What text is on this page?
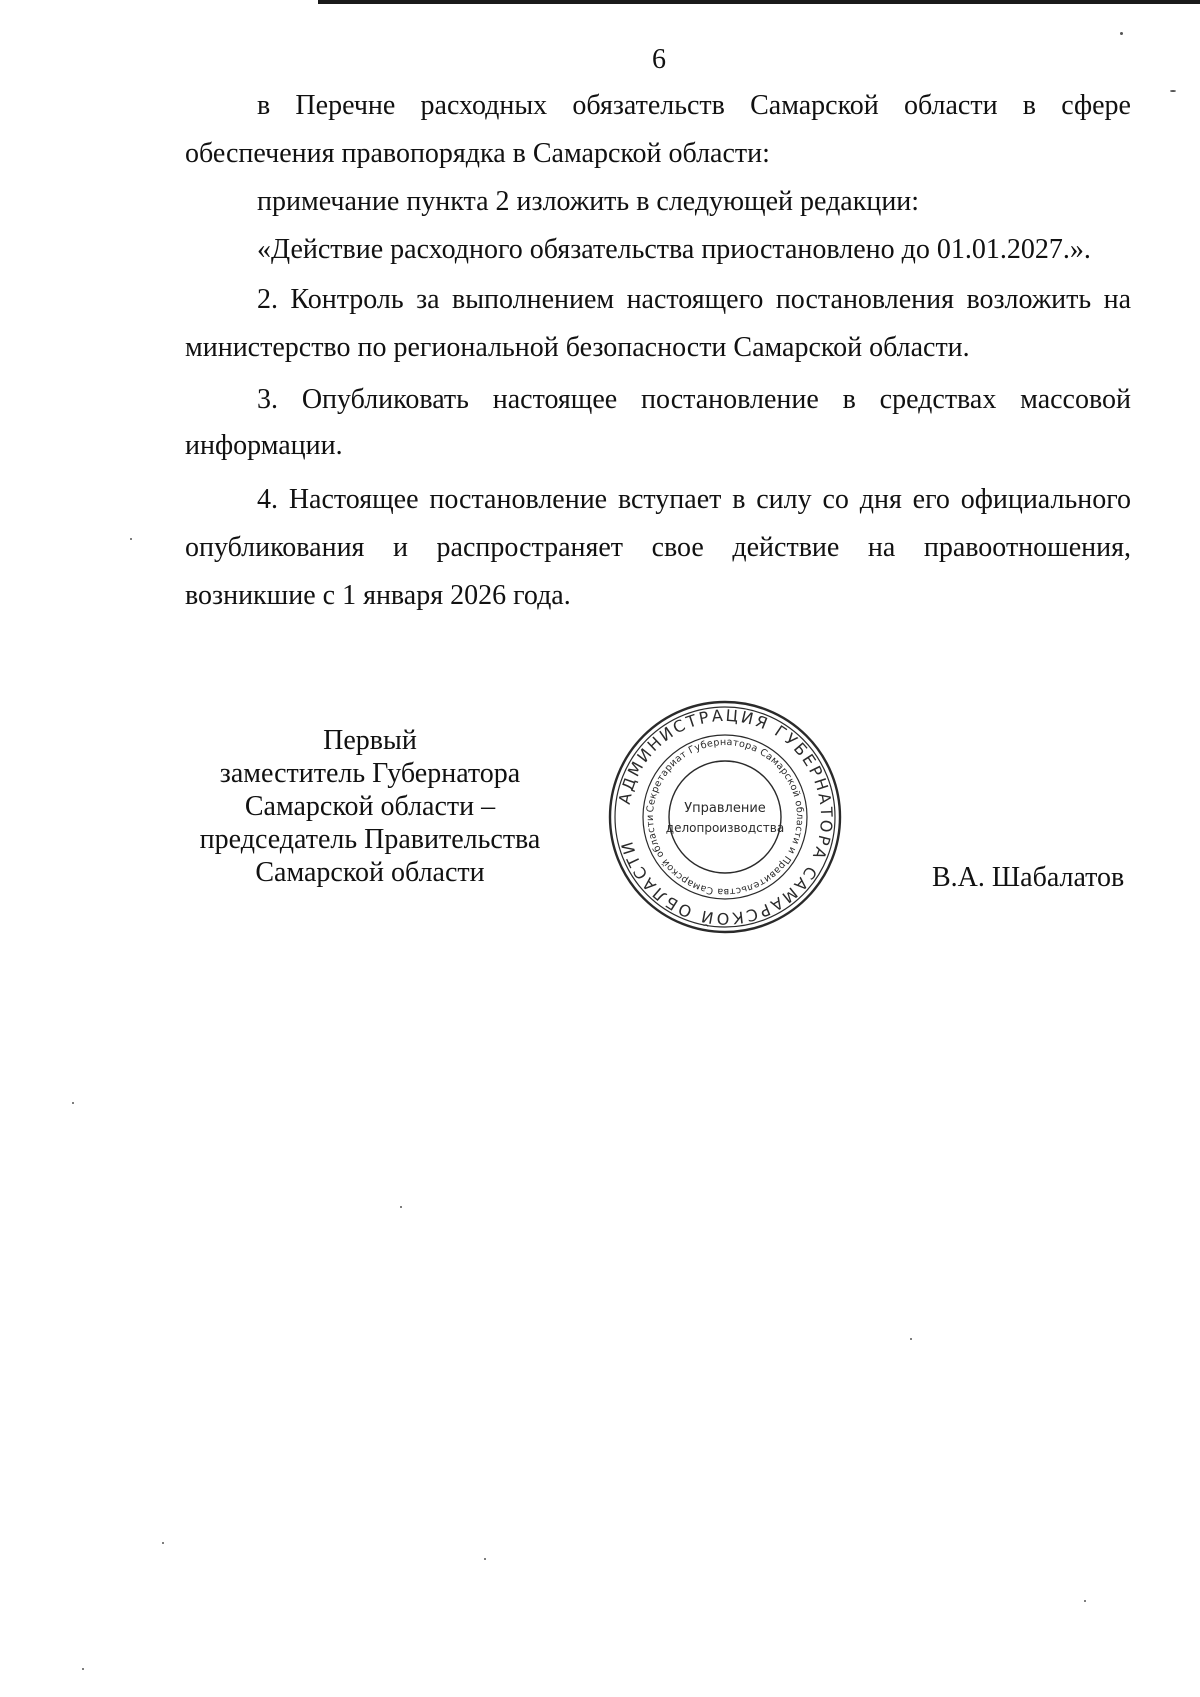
6
в Перечне расходных обязательств Самарской области в сфере
обеспечения правопорядка в Самарской области:
примечание пункта 2 изложить в следующей редакции:
«Действие расходного обязательства приостановлено до 01.01.2027.».
2. Контроль за выполнением настоящего постановления возложить на
министерство по региональной безопасности Самарской области.
3. Опубликовать настоящее постановление в средствах массовой
информации.
4. Настоящее постановление вступает в силу со дня его официального
опубликования и распространяет свое действие на правоотношения,
возникшие с 1 января 2026 года.
Первый
заместитель Губернатора
Самарской области –
председатель Правительства
Самарской области
АДМИНИСТРАЦИЯ ГУБЕРНАТОРА САМАРСКОЙ ОБЛАСТИ
Секретариат Губернатора Самарской области и Правительства Самарской области
Управление
делопроизводства
В.А. Шабалатов
